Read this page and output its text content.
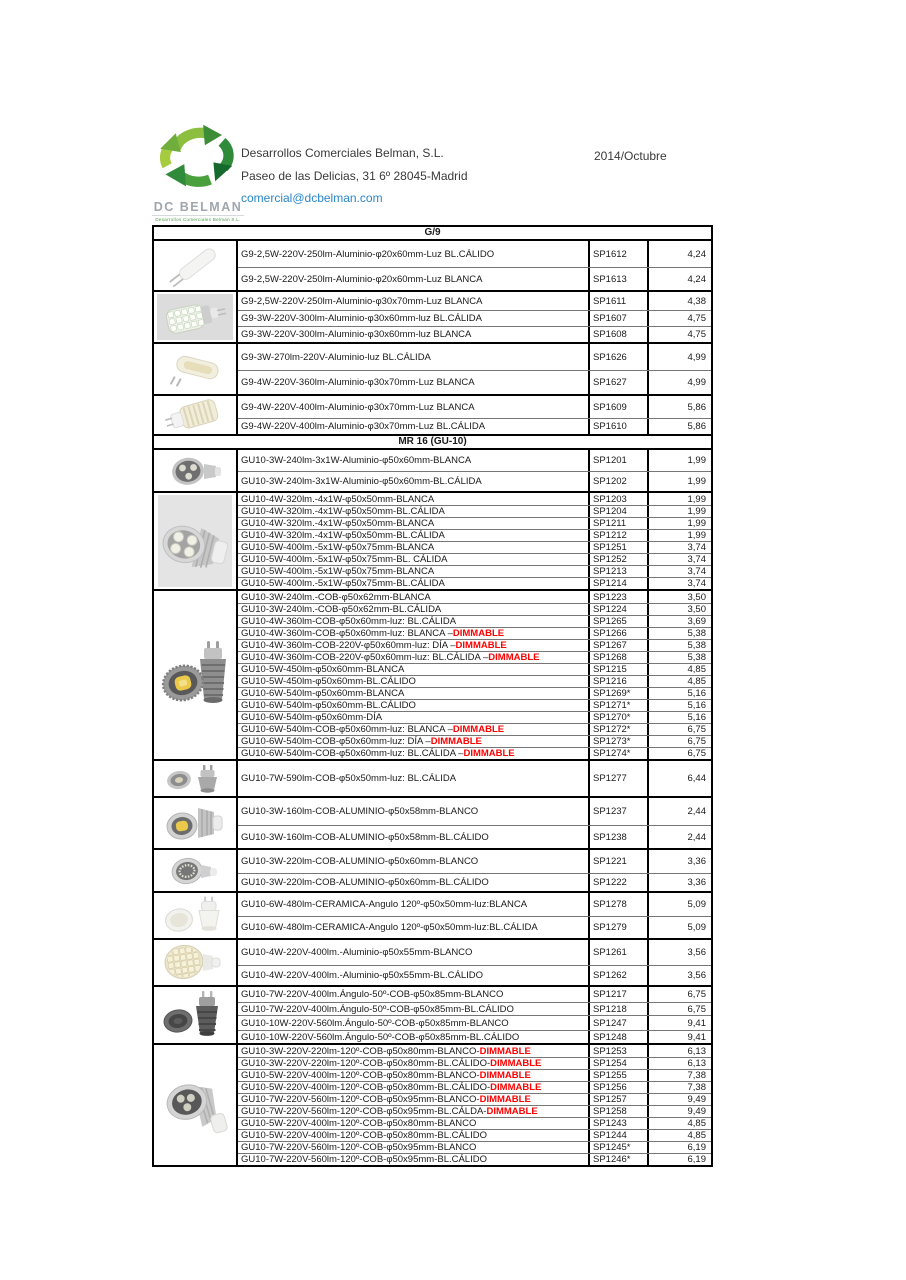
DC BELMAN
Desarrollos Comerciales Belman S.L.
Desarrollos Comerciales Belman, S.L.
Paseo de las Delicias, 31 6º 28045-Madrid
comercial@dcbelman.com
2014/Octubre
G/9
G9-2,5W-220V-250lm-Aluminio-φ20x60mm-Luz BL.CÁLIDO	SP1612	4,24
G9-2,5W-220V-250lm-Aluminio-φ20x60mm-Luz BLANCA	SP1613	4,24
G9-2,5W-220V-250lm-Aluminio-φ30x70mm-Luz BLANCA	SP1611	4,38
G9-3W-220V-300lm-Aluminio-φ30x60mm-luz BL.CÁLIDA	SP1607	4,75
G9-3W-220V-300lm-Aluminio-φ30x60mm-luz BLANCA	SP1608	4,75
G9-3W-270lm-220V-Aluminio-luz BL.CÁLIDA	SP1626	4,99
G9-4W-220V-360lm-Aluminio-φ30x70mm-Luz BLANCA	SP1627	4,99
G9-4W-220V-400lm-Aluminio-φ30x70mm-Luz BLANCA	SP1609	5,86
G9-4W-220V-400lm-Aluminio-φ30x70mm-Luz BL.CÁLIDA	SP1610	5,86
MR 16 (GU-10)
GU10-3W-240lm-3x1W-Aluminio-φ50x60mm-BLANCA	SP1201	1,99
GU10-3W-240lm-3x1W-Aluminio-φ50x60mm-BL.CÁLIDA	SP1202	1,99
GU10-4W-320lm.-4x1W-φ50x50mm-BLANCA	SP1203	1,99
GU10-4W-320lm.-4x1W-φ50x50mm-BL.CÁLIDA	SP1204	1,99
GU10-4W-320lm.-4x1W-φ50x50mm-BLANCA	SP1211	1,99
GU10-4W-320lm.-4x1W-φ50x50mm-BL.CÁLIDA	SP1212	1,99
GU10-5W-400lm.-5x1W-φ50x75mm-BLANCA	SP1251	3,74
GU10-5W-400lm.-5x1W-φ50x75mm-BL. CÁLIDA	SP1252	3,74
GU10-5W-400lm.-5x1W-φ50x75mm-BLANCA	SP1213	3,74
GU10-5W-400lm.-5x1W-φ50x75mm-BL.CÁLIDA	SP1214	3,74
GU10-3W-240lm.-COB-φ50x62mm-BLANCA	SP1223	3,50
GU10-3W-240lm.-COB-φ50x62mm-BL.CÁLIDA	SP1224	3,50
GU10-4W-360lm-COB-φ50x60mm-luz: BL.CÁLIDA	SP1265	3,69
GU10-4W-360lm-COB-φ50x60mm-luz: BLANCA – DIMMABLE	SP1266	5,38
GU10-4W-360lm-COB-220V-φ50x60mm-luz: DÍA – DIMMABLE	SP1267	5,38
GU10-4W-360lm-COB-220V-φ50x60mm-luz: BL.CÁLIDA – DIMMABLE	SP1268	5,38
GU10-5W-450lm-φ50x60mm-BLANCA	SP1215	4,85
GU10-5W-450lm-φ50x60mm-BL.CÁLIDO	SP1216	4,85
GU10-6W-540lm-φ50x60mm-BLANCA	SP1269*	5,16
GU10-6W-540lm-φ50x60mm-BL.CÁLIDO	SP1271*	5,16
GU10-6W-540lm-φ50x60mm-DÍA	SP1270*	5,16
GU10-6W-540lm-COB-φ50x60mm-luz: BLANCA – DIMMABLE	SP1272*	6,75
GU10-6W-540lm-COB-φ50x60mm-luz: DÍA – DIMMABLE	SP1273*	6,75
GU10-6W-540lm-COB-φ50x60mm-luz: BL.CÁLIDA – DIMMABLE	SP1274*	6,75
GU10-7W-590lm-COB-φ50x50mm-luz: BL.CÁLIDA	SP1277	6,44
GU10-3W-160lm-COB-ALUMINIO-φ50x58mm-BLANCO	SP1237	2,44
GU10-3W-160lm-COB-ALUMINIO-φ50x58mm-BL.CÁLIDO	SP1238	2,44
GU10-3W-220lm-COB-ALUMINIO-φ50x60mm-BLANCO	SP1221	3,36
GU10-3W-220lm-COB-ALUMINIO-φ50x60mm-BL.CÁLIDO	SP1222	3,36
GU10-6W-480lm-CERAMICA-Angulo 120º-φ50x50mm-luz:BLANCA	SP1278	5,09
GU10-6W-480lm-CERAMICA-Angulo 120º-φ50x50mm-luz:BL.CÁLIDA	SP1279	5,09
GU10-4W-220V-400lm.-Aluminio-φ50x55mm-BLANCO	SP1261	3,56
GU10-4W-220V-400lm.-Aluminio-φ50x55mm-BL.CÁLIDO	SP1262	3,56
GU10-7W-220V-400lm.Ángulo-50º-COB-φ50x85mm-BLANCO	SP1217	6,75
GU10-7W-220V-400lm.Ángulo-50º-COB-φ50x85mm-BL.CÁLIDO	SP1218	6,75
GU10-10W-220V-560lm.Ángulo-50º-COB-φ50x85mm-BLANCO	SP1247	9,41
GU10-10W-220V-560lm.Ángulo-50º-COB-φ50x85mm-BL.CÁLIDO	SP1248	9,41
GU10-3W-220V-220lm-120º-COB-φ50x80mm-BLANCO- DIMMABLE	SP1253	6,13
GU10-3W-220V-220lm-120º-COB-φ50x80mm-BL.CÁLIDO- DIMMABLE	SP1254	6,13
GU10-5W-220V-400lm-120º-COB-φ50x80mm-BLANCO- DIMMABLE	SP1255	7,38
GU10-5W-220V-400lm-120º-COB-φ50x80mm-BL.CÁLIDO- DIMMABLE	SP1256	7,38
GU10-7W-220V-560lm-120º-COB-φ50x95mm-BLANCO- DIMMABLE	SP1257	9,49
GU10-7W-220V-560lm-120º-COB-φ50x95mm-BL.CÁLDA- DIMMABLE	SP1258	9,49
GU10-5W-220V-400lm-120º-COB-φ50x80mm-BLANCO	SP1243	4,85
GU10-5W-220V-400lm-120º-COB-φ50x80mm-BL.CÁLIDO	SP1244	4,85
GU10-7W-220V-560lm-120º-COB-φ50x95mm-BLANCO	SP1245*	6,19
GU10-7W-220V-560lm-120º-COB-φ50x95mm-BL.CÁLIDO	SP1246*	6,19
